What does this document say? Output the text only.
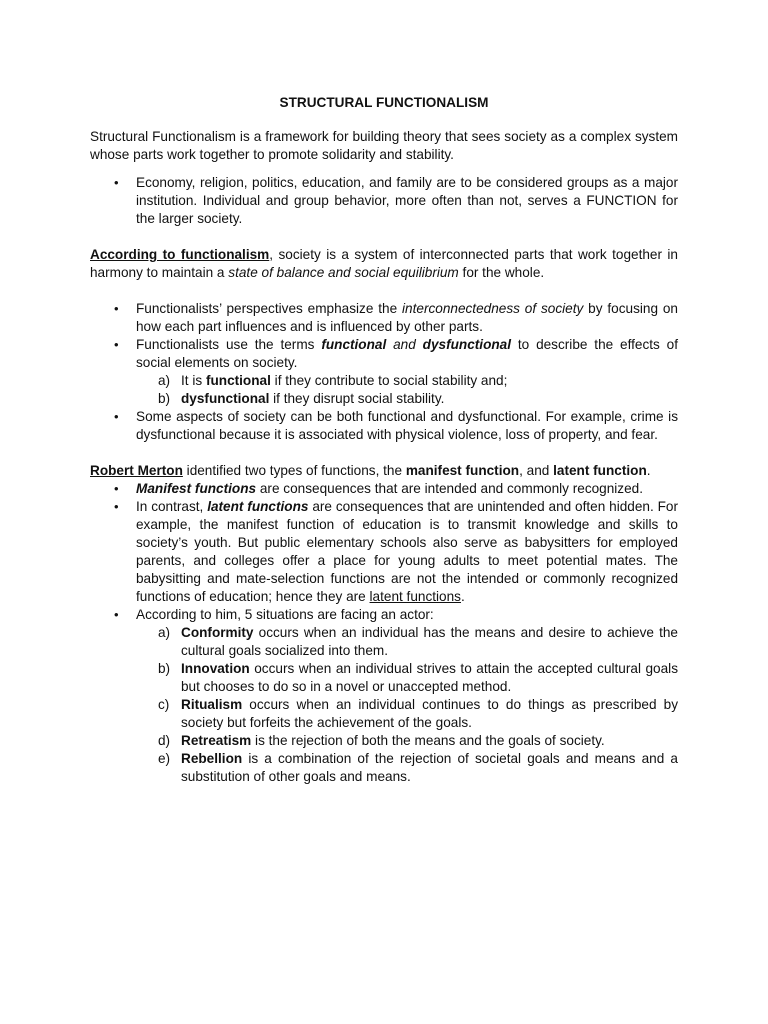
STRUCTURAL FUNCTIONALISM

Structural Functionalism is a framework for building theory that sees society as a complex system whose parts work together to promote solidarity and stability.

• Economy, religion, politics, education, and family are to be considered groups as a major institution. Individual and group behavior, more often than not, serves a FUNCTION for the larger society.

According to functionalism, society is a system of interconnected parts that work together in harmony to maintain a state of balance and social equilibrium for the whole.

• Functionalists’ perspectives emphasize the interconnectedness of society by focusing on how each part influences and is influenced by other parts.
• Functionalists use the terms functional and dysfunctional to describe the effects of social elements on society.
a) It is functional if they contribute to social stability and;
b) dysfunctional if they disrupt social stability.
• Some aspects of society can be both functional and dysfunctional. For example, crime is dysfunctional because it is associated with physical violence, loss of property, and fear.

Robert Merton identified two types of functions, the manifest function, and latent function.

• Manifest functions are consequences that are intended and commonly recognized.
• In contrast, latent functions are consequences that are unintended and often hidden. For example, the manifest function of education is to transmit knowledge and skills to society’s youth. But public elementary schools also serve as babysitters for employed parents, and colleges offer a place for young adults to meet potential mates. The babysitting and mate-selection functions are not the intended or commonly recognized functions of education; hence they are latent functions.
• According to him, 5 situations are facing an actor:
a) Conformity occurs when an individual has the means and desire to achieve the cultural goals socialized into them.
b) Innovation occurs when an individual strives to attain the accepted cultural goals but chooses to do so in a novel or unaccepted method.
c) Ritualism occurs when an individual continues to do things as prescribed by society but forfeits the achievement of the goals.
d) Retreatism is the rejection of both the means and the goals of society.
e) Rebellion is a combination of the rejection of societal goals and means and a substitution of other goals and means.
